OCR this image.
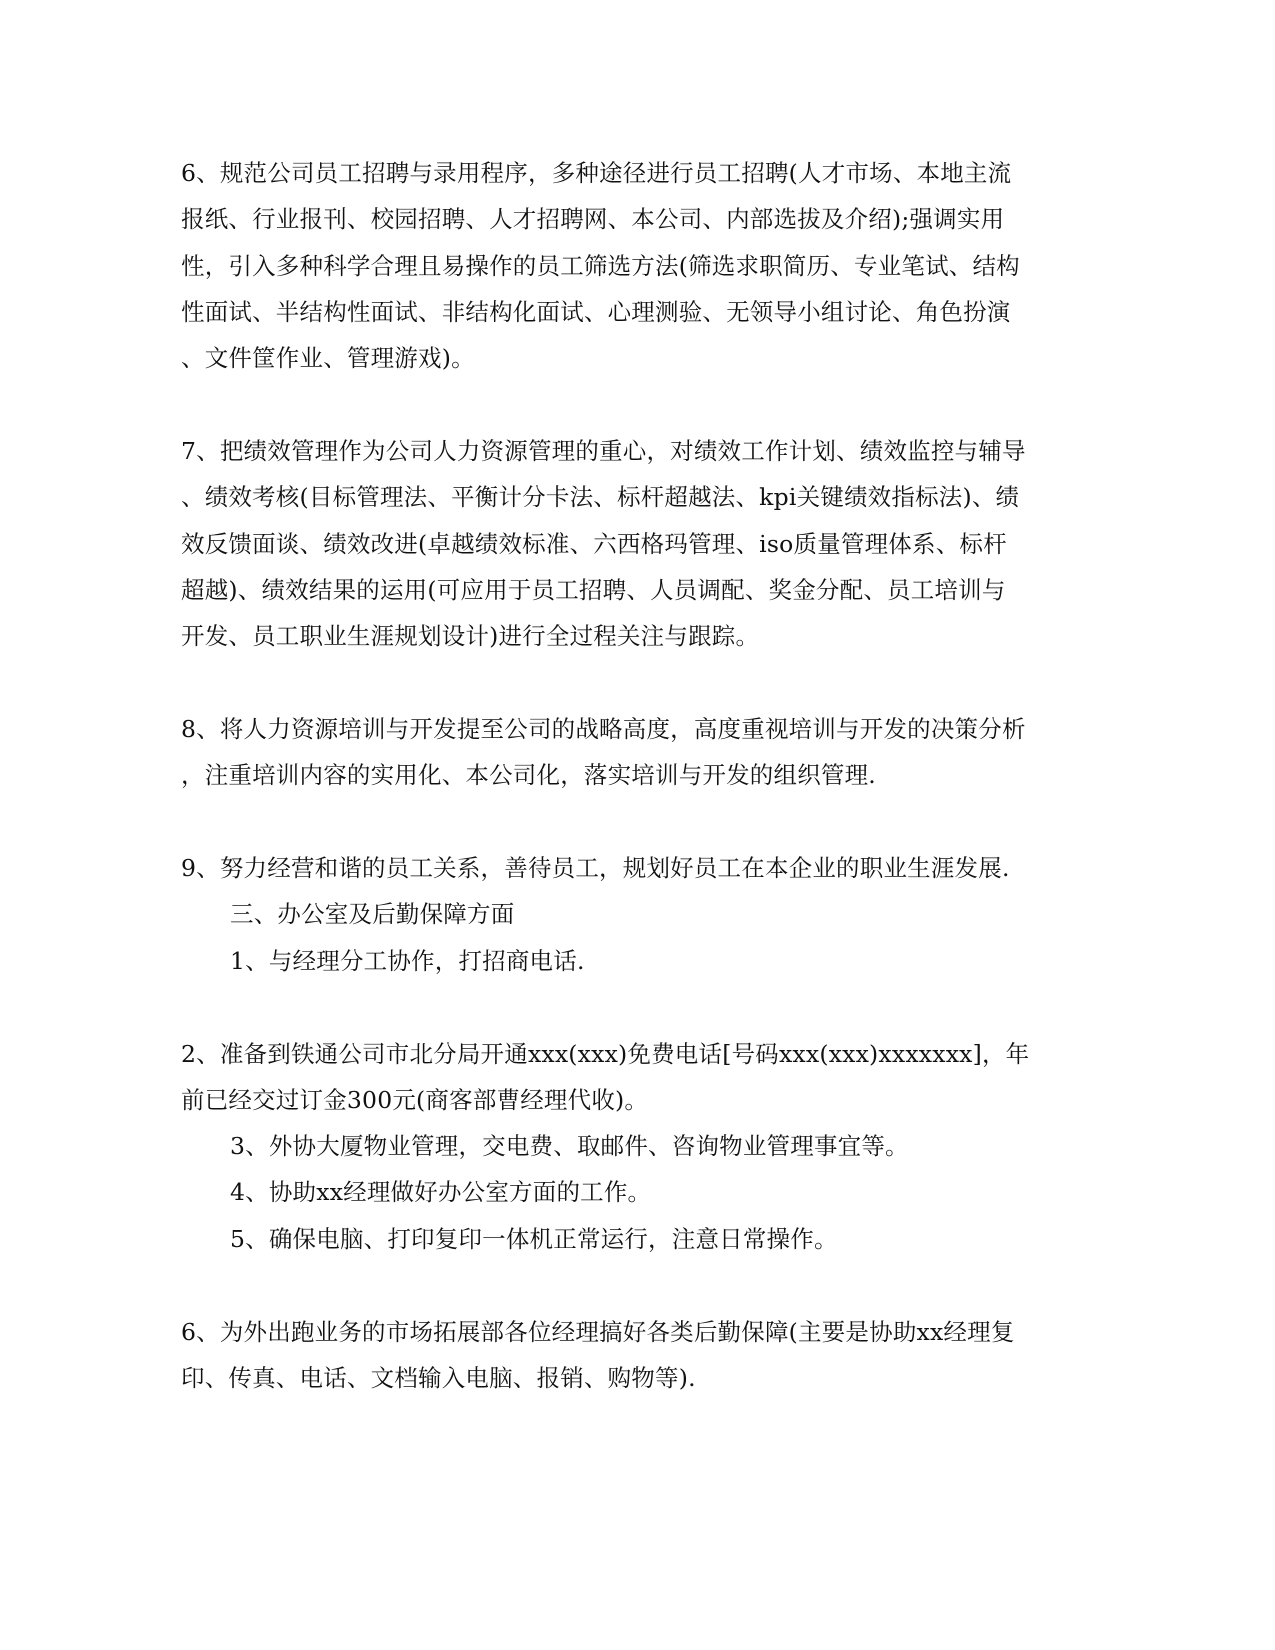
6、规范公司员工招聘与录用程序，多种途径进行员工招聘(人才市场、本地主流
报纸、行业报刊、校园招聘、人才招聘网、本公司、内部选拔及介绍);强调实用
性，引入多种科学合理且易操作的员工筛选方法(筛选求职简历、专业笔试、结构
性面试、半结构性面试、非结构化面试、心理测验、无领导小组讨论、角色扮演
、文件筐作业、管理游戏)。
7、把绩效管理作为公司人力资源管理的重心，对绩效工作计划、绩效监控与辅导
、绩效考核(目标管理法、平衡计分卡法、标杆超越法、kpi关键绩效指标法)、绩
效反馈面谈、绩效改进(卓越绩效标准、六西格玛管理、iso质量管理体系、标杆
超越)、绩效结果的运用(可应用于员工招聘、人员调配、奖金分配、员工培训与
开发、员工职业生涯规划设计)进行全过程关注与跟踪。
8、将人力资源培训与开发提至公司的战略高度，高度重视培训与开发的决策分析
，注重培训内容的实用化、本公司化，落实培训与开发的组织管理.
9、努力经营和谐的员工关系，善待员工，规划好员工在本企业的职业生涯发展.
三、办公室及后勤保障方面
1、与经理分工协作，打招商电话.
2、准备到铁通公司市北分局开通xxx(xxx)免费电话[号码xxx(xxx)xxxxxxx]，年
前已经交过订金300元(商客部曹经理代收)。
3、外协大厦物业管理，交电费、取邮件、咨询物业管理事宜等。
4、协助xx经理做好办公室方面的工作。
5、确保电脑、打印复印一体机正常运行，注意日常操作。
6、为外出跑业务的市场拓展部各位经理搞好各类后勤保障(主要是协助xx经理复
印、传真、电话、文档输入电脑、报销、购物等).
